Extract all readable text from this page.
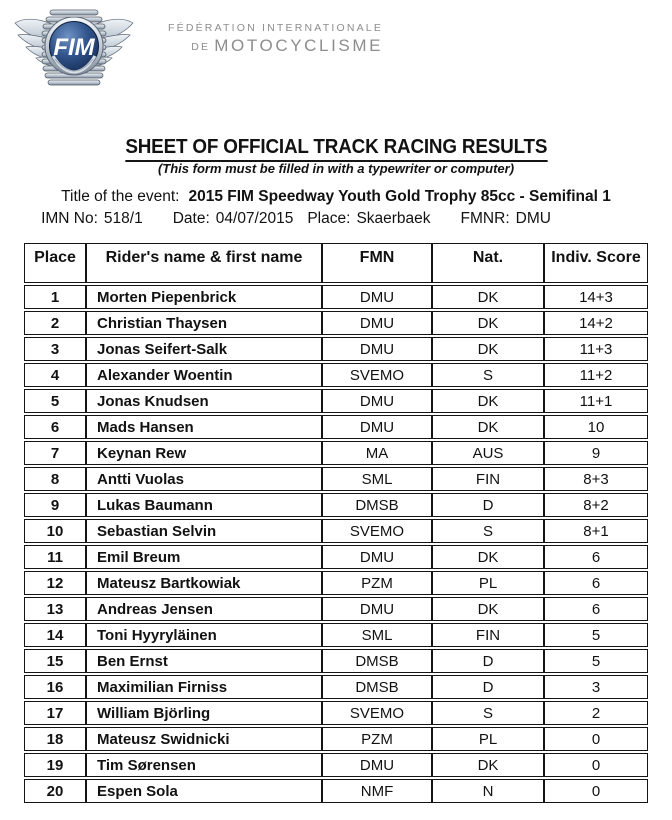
FIM
FÉDÉRATION INTERNATIONALE
DE MOTOCYCLISME
SHEET OF OFFICIAL TRACK RACING RESULTS
(This form must be filled in with a typewriter or computer)
Title of the event: 2015 FIM Speedway Youth Gold Trophy 85cc - Semifinal 1
IMN No: 518/1 Date: 04/07/2015 Place: Skaerbaek FMNR: DMU
Place	Rider's name & first name	FMN	Nat.	Indiv. Score
1	Morten Piepenbrick	DMU	DK	14+3
2	Christian Thaysen	DMU	DK	14+2
3	Jonas Seifert-Salk	DMU	DK	11+3
4	Alexander Woentin	SVEMO	S	11+2
5	Jonas Knudsen	DMU	DK	11+1
6	Mads Hansen	DMU	DK	10
7	Keynan Rew	MA	AUS	9
8	Antti Vuolas	SML	FIN	8+3
9	Lukas Baumann	DMSB	D	8+2
10	Sebastian Selvin	SVEMO	S	8+1
11	Emil Breum	DMU	DK	6
12	Mateusz Bartkowiak	PZM	PL	6
13	Andreas Jensen	DMU	DK	6
14	Toni Hyyryläinen	SML	FIN	5
15	Ben Ernst	DMSB	D	5
16	Maximilian Firniss	DMSB	D	3
17	William Björling	SVEMO	S	2
18	Mateusz Swidnicki	PZM	PL	0
19	Tim Sørensen	DMU	DK	0
20	Espen Sola	NMF	N	0
